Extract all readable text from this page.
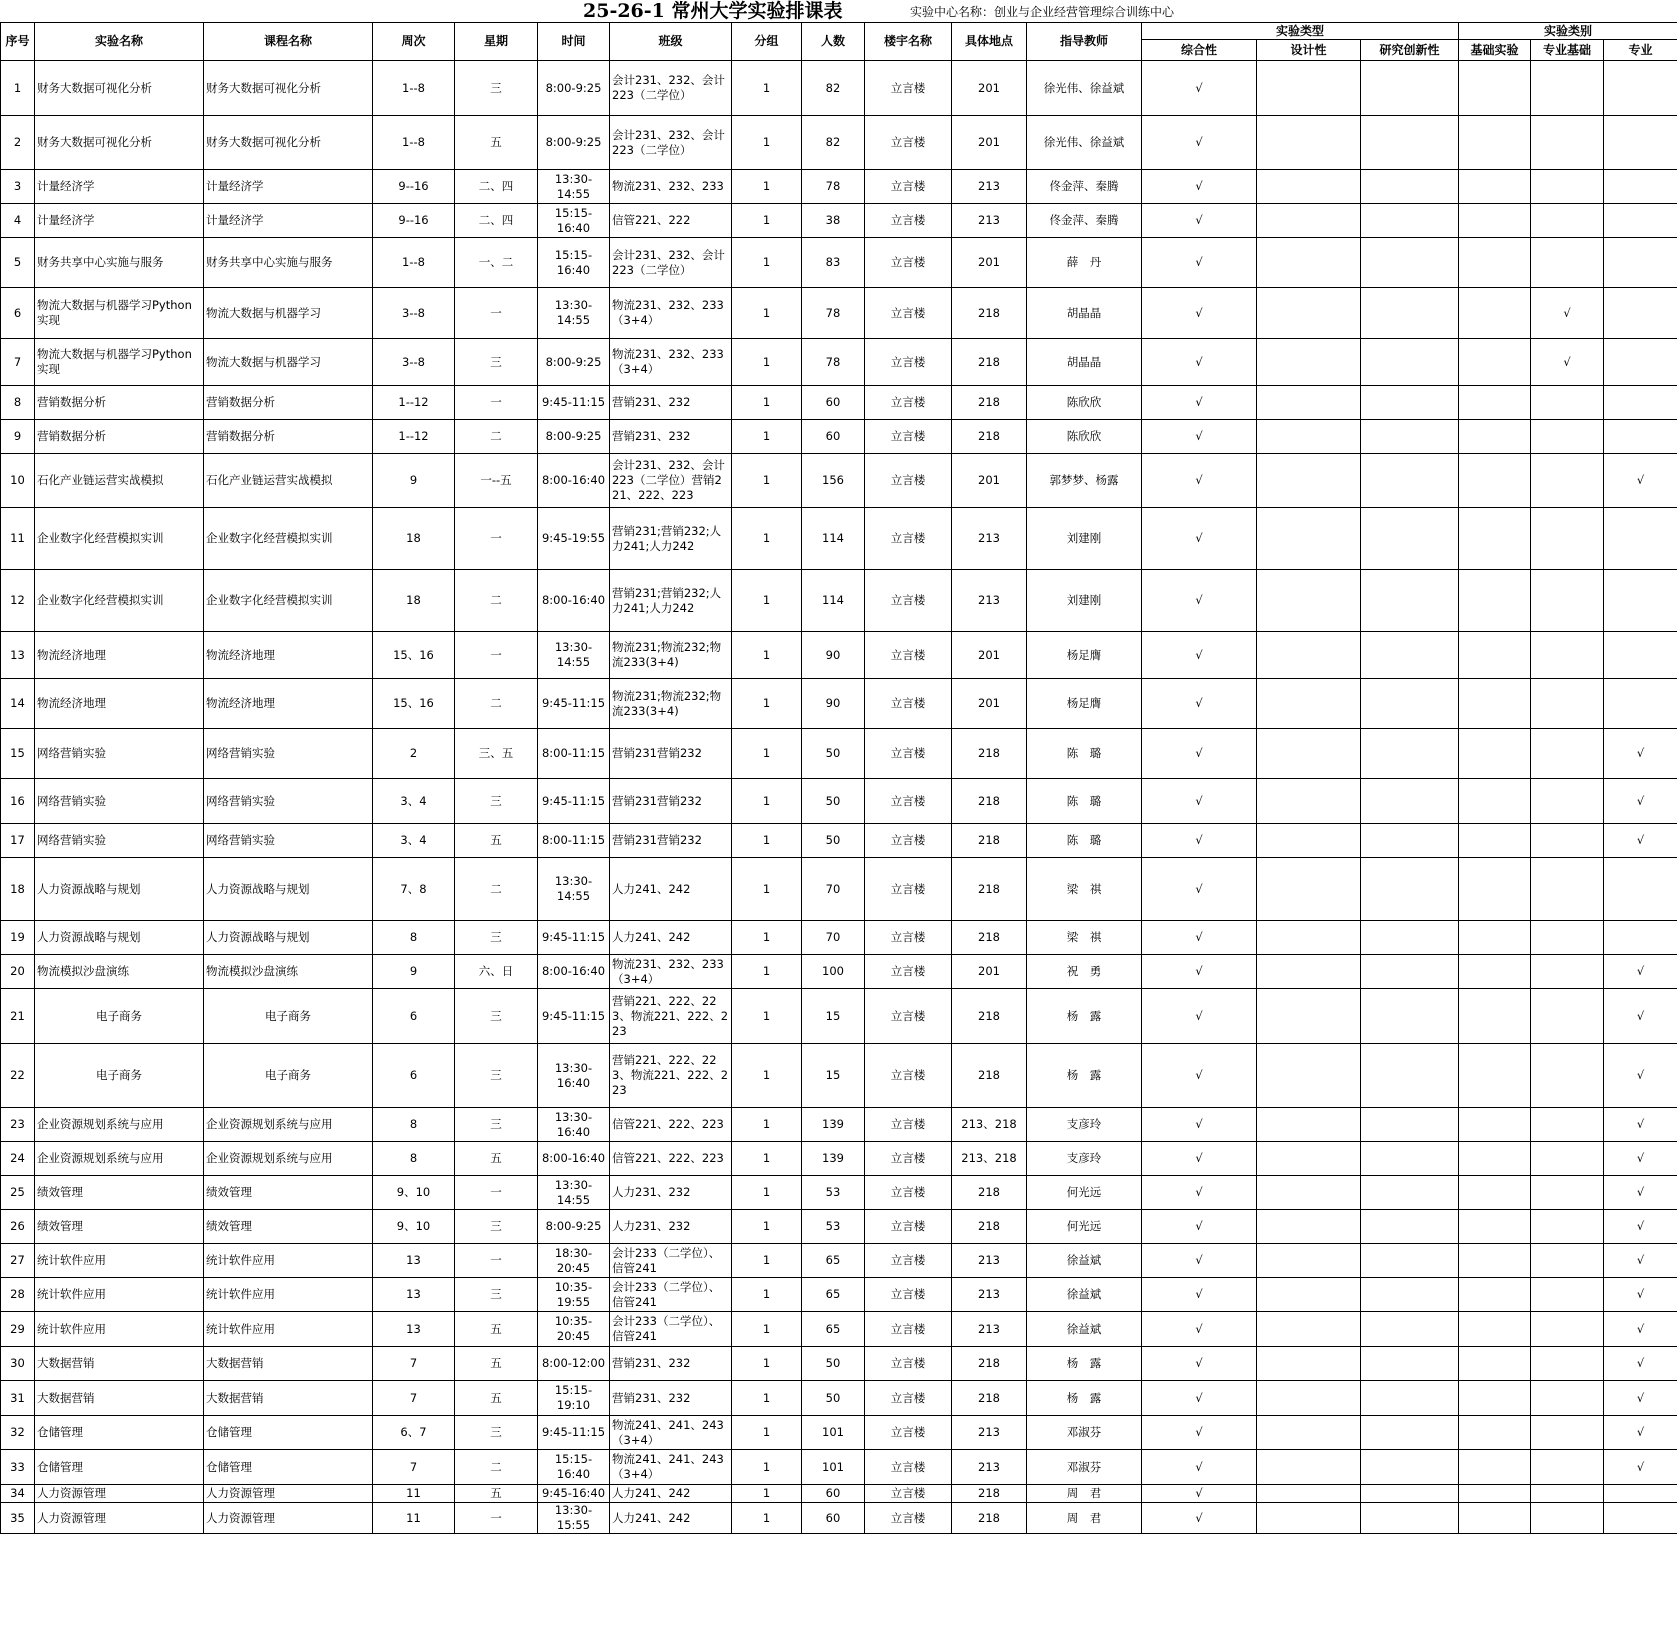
25-26-1 常州大学实验排课表	实验中心名称：创业与企业经营管理综合训练中心
序号	实验名称	课程名称	周次	星期	时间	班级	分组	人数	楼宇名称	具体地点	指导教师	实验类型			实验类别		
												综合性	设计性	研究创新性	基础实验	专业基础	专业
1	财务大数据可视化分析	财务大数据可视化分析	1--8	三	8:00-9:25	会计231、232、会计223（二学位）	1	82	立言楼	201	徐光伟、徐益斌	√					
2	财务大数据可视化分析	财务大数据可视化分析	1--8	五	8:00-9:25	会计231、232、会计223（二学位）	1	82	立言楼	201	徐光伟、徐益斌	√					
3	计量经济学	计量经济学	9--16	二、四	13:30-14:55	物流231、232、233	1	78	立言楼	213	佟金萍、秦腾	√					
4	计量经济学	计量经济学	9--16	二、四	15:15-16:40	信管221、222	1	38	立言楼	213	佟金萍、秦腾	√					
5	财务共享中心实施与服务	财务共享中心实施与服务	1--8	一、二	15:15-16:40	会计231、232、会计223（二学位）	1	83	立言楼	201	薛　丹	√					
6	物流大数据与机器学习Python实现	物流大数据与机器学习	3--8	一	13:30-14:55	物流231、232、233（3+4）	1	78	立言楼	218	胡晶晶	√				√	
7	物流大数据与机器学习Python实现	物流大数据与机器学习	3--8	三	8:00-9:25	物流231、232、233（3+4）	1	78	立言楼	218	胡晶晶	√				√	
8	营销数据分析	营销数据分析	1--12	一	9:45-11:15	营销231、232	1	60	立言楼	218	陈欣欣	√					
9	营销数据分析	营销数据分析	1--12	二	8:00-9:25	营销231、232	1	60	立言楼	218	陈欣欣	√					
10	石化产业链运营实战模拟	石化产业链运营实战模拟	9	一--五	8:00-16:40	会计231、232、会计223（二学位）营销221、222、223	1	156	立言楼	201	郭梦梦、杨露	√					√
11	企业数字化经营模拟实训	企业数字化经营模拟实训	18	一	9:45-19:55	营销231;营销232;人力241;人力242	1	114	立言楼	213	刘建刚	√					
12	企业数字化经营模拟实训	企业数字化经营模拟实训	18	二	8:00-16:40	营销231;营销232;人力241;人力242	1	114	立言楼	213	刘建刚	√					
13	物流经济地理	物流经济地理	15、16	一	13:30-14:55	物流231;物流232;物流233(3+4)	1	90	立言楼	201	杨足膺	√					
14	物流经济地理	物流经济地理	15、16	二	9:45-11:15	物流231;物流232;物流233(3+4)	1	90	立言楼	201	杨足膺	√					
15	网络营销实验	网络营销实验	2	三、五	8:00-11:15	营销231营销232	1	50	立言楼	218	陈　璐	√					√
16	网络营销实验	网络营销实验	3、4	三	9:45-11:15	营销231营销232	1	50	立言楼	218	陈　璐	√					√
17	网络营销实验	网络营销实验	3、4	五	8:00-11:15	营销231营销232	1	50	立言楼	218	陈　璐	√					√
18	人力资源战略与规划	人力资源战略与规划	7、8	二	13:30-14:55	人力241、242	1	70	立言楼	218	梁　祺	√					
19	人力资源战略与规划	人力资源战略与规划	8	三	9:45-11:15	人力241、242	1	70	立言楼	218	梁　祺	√					
20	物流模拟沙盘演练	物流模拟沙盘演练	9	六、日	8:00-16:40	物流231、232、233（3+4）	1	100	立言楼	201	祝　勇	√					√
21	电子商务	电子商务	6	三	9:45-11:15	营销221、222、223、物流221、222、223	1	15	立言楼	218	杨　露	√					√
22	电子商务	电子商务	6	三	13:30-16:40	营销221、222、223、物流221、222、223	1	15	立言楼	218	杨　露	√					√
23	企业资源规划系统与应用	企业资源规划系统与应用	8	三	13:30-16:40	信管221、222、223	1	139	立言楼	213、218	支彦玲	√					√
24	企业资源规划系统与应用	企业资源规划系统与应用	8	五	8:00-16:40	信管221、222、223	1	139	立言楼	213、218	支彦玲	√					√
25	绩效管理	绩效管理	9、10	一	13:30-14:55	人力231、232	1	53	立言楼	218	何光远	√					√
26	绩效管理	绩效管理	9、10	三	8:00-9:25	人力231、232	1	53	立言楼	218	何光远	√					√
27	统计软件应用	统计软件应用	13	一	18:30-20:45	会计233（二学位）、信管241	1	65	立言楼	213	徐益斌	√					√
28	统计软件应用	统计软件应用	13	三	10:35-19:55	会计233（二学位）、信管241	1	65	立言楼	213	徐益斌	√					√
29	统计软件应用	统计软件应用	13	五	10:35-20:45	会计233（二学位）、信管241	1	65	立言楼	213	徐益斌	√					√
30	大数据营销	大数据营销	7	五	8:00-12:00	营销231、232	1	50	立言楼	218	杨　露	√					√
31	大数据营销	大数据营销	7	五	15:15-19:10	营销231、232	1	50	立言楼	218	杨　露	√					√
32	仓储管理	仓储管理	6、7	三	9:45-11:15	物流241、241、243（3+4）	1	101	立言楼	213	邓淑芬	√					√
33	仓储管理	仓储管理	7	二	15:15-16:40	物流241、241、243（3+4）	1	101	立言楼	213	邓淑芬	√					√
34	人力资源管理	人力资源管理	11	五	9:45-16:40	人力241、242	1	60	立言楼	218	周　君	√					
35	人力资源管理	人力资源管理	11	一	13:30-15:55	人力241、242	1	60	立言楼	218	周　君	√					
